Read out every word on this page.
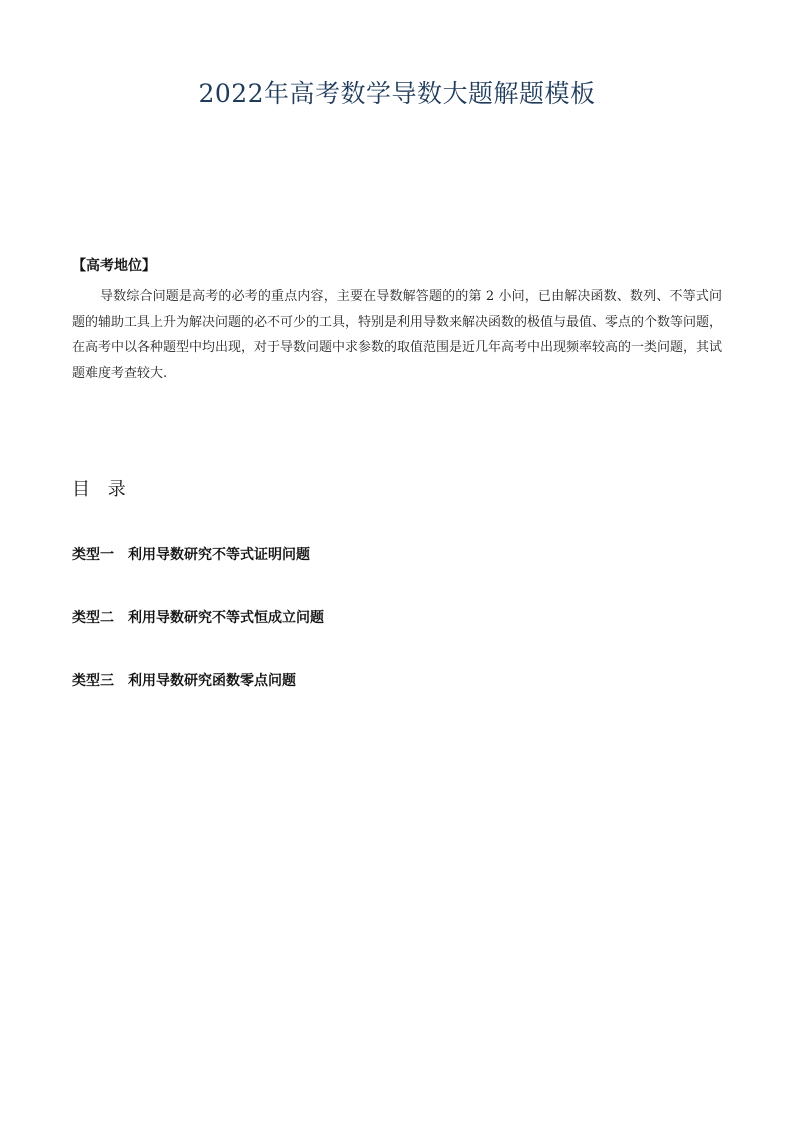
2022年高考数学导数大题解题模板
【高考地位】

导数综合问题是高考的必考的重点内容，主要在导数解答题的的第 2 小问，已由解决函数、数列、不等式问题的辅助工具上升为解决问题的必不可少的工具，特别是利用导数来解决函数的极值与最值、零点的个数等问题，在高考中以各种题型中均出现，对于导数问题中求参数的取值范围是近几年高考中出现频率较高的一类问题，其试题难度考查较大.

目 录
类型一 利用导数研究不等式证明问题
类型二 利用导数研究不等式恒成立问题
类型三 利用导数研究函数零点问题
